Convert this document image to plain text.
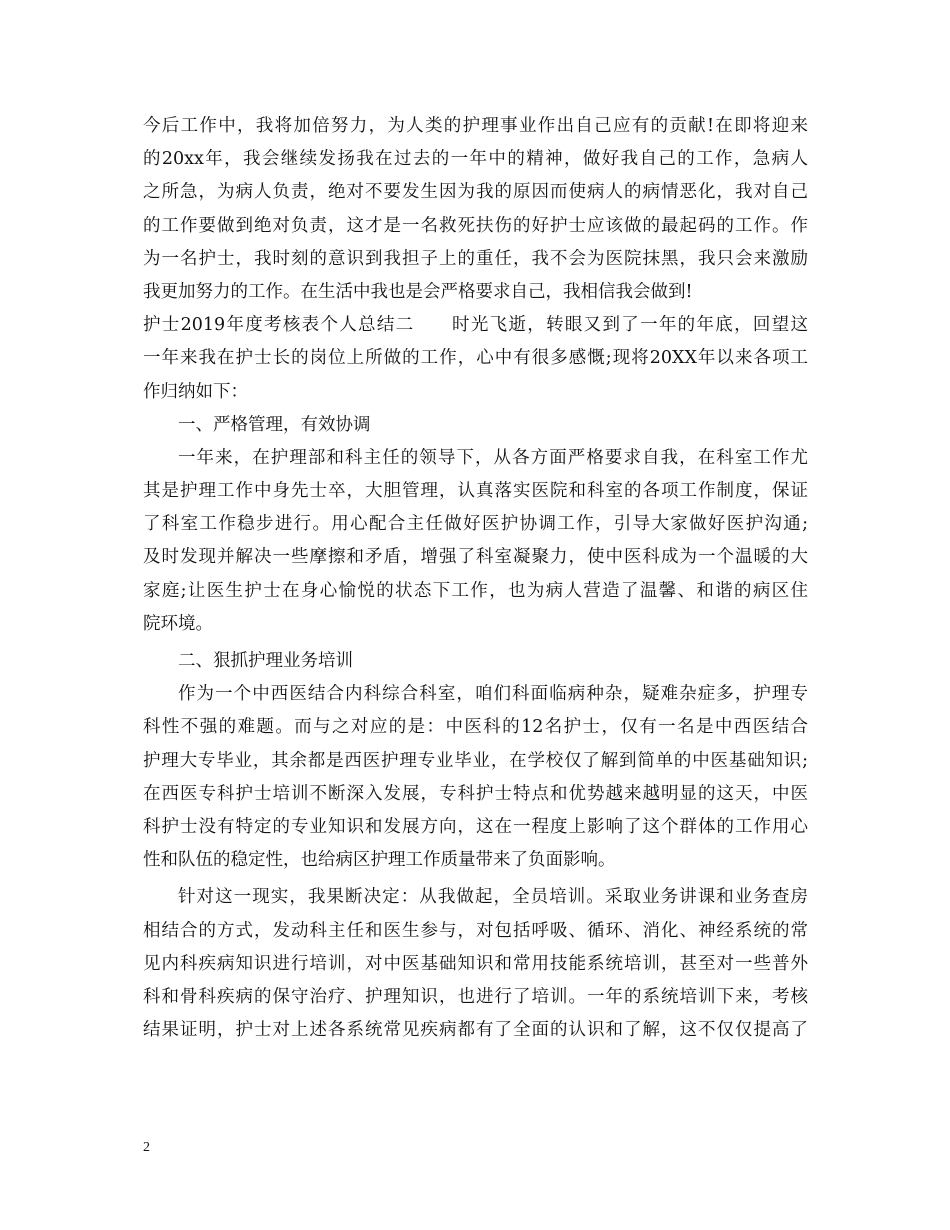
今后工作中，我将加倍努力，为人类的护理事业作出自己应有的贡献!在即将迎来
的20xx年，我会继续发扬我在过去的一年中的精神，做好我自己的工作，急病人
之所急，为病人负责，绝对不要发生因为我的原因而使病人的病情恶化，我对自己
的工作要做到绝对负责，这才是一名救死扶伤的好护士应该做的最起码的工作。作
为一名护士，我时刻的意识到我担子上的重任，我不会为医院抹黑，我只会来激励
我更加努力的工作。在生活中我也是会严格要求自己，我相信我会做到!
护士2019年度考核表个人总结二　　时光飞逝，转眼又到了一年的年底，回望这
一年来我在护士长的岗位上所做的工作，心中有很多感慨;现将20XX年以来各项工
作归纳如下：
一、严格管理，有效协调
一年来，在护理部和科主任的领导下，从各方面严格要求自我，在科室工作尤
其是护理工作中身先士卒，大胆管理，认真落实医院和科室的各项工作制度，保证
了科室工作稳步进行。用心配合主任做好医护协调工作，引导大家做好医护沟通;
及时发现并解决一些摩擦和矛盾，增强了科室凝聚力，使中医科成为一个温暖的大
家庭;让医生护士在身心愉悦的状态下工作，也为病人营造了温馨、和谐的病区住
院环境。
二、狠抓护理业务培训
作为一个中西医结合内科综合科室，咱们科面临病种杂，疑难杂症多，护理专
科性不强的难题。而与之对应的是：中医科的12名护士，仅有一名是中西医结合
护理大专毕业，其余都是西医护理专业毕业，在学校仅了解到简单的中医基础知识;
在西医专科护士培训不断深入发展，专科护士特点和优势越来越明显的这天，中医
科护士没有特定的专业知识和发展方向，这在一程度上影响了这个群体的工作用心
性和队伍的稳定性，也给病区护理工作质量带来了负面影响。
针对这一现实，我果断决定：从我做起，全员培训。采取业务讲课和业务查房
相结合的方式，发动科主任和医生参与，对包括呼吸、循环、消化、神经系统的常
见内科疾病知识进行培训，对中医基础知识和常用技能系统培训，甚至对一些普外
科和骨科疾病的保守治疗、护理知识，也进行了培训。一年的系统培训下来，考核
结果证明，护士对上述各系统常见疾病都有了全面的认识和了解，这不仅仅提高了
2
